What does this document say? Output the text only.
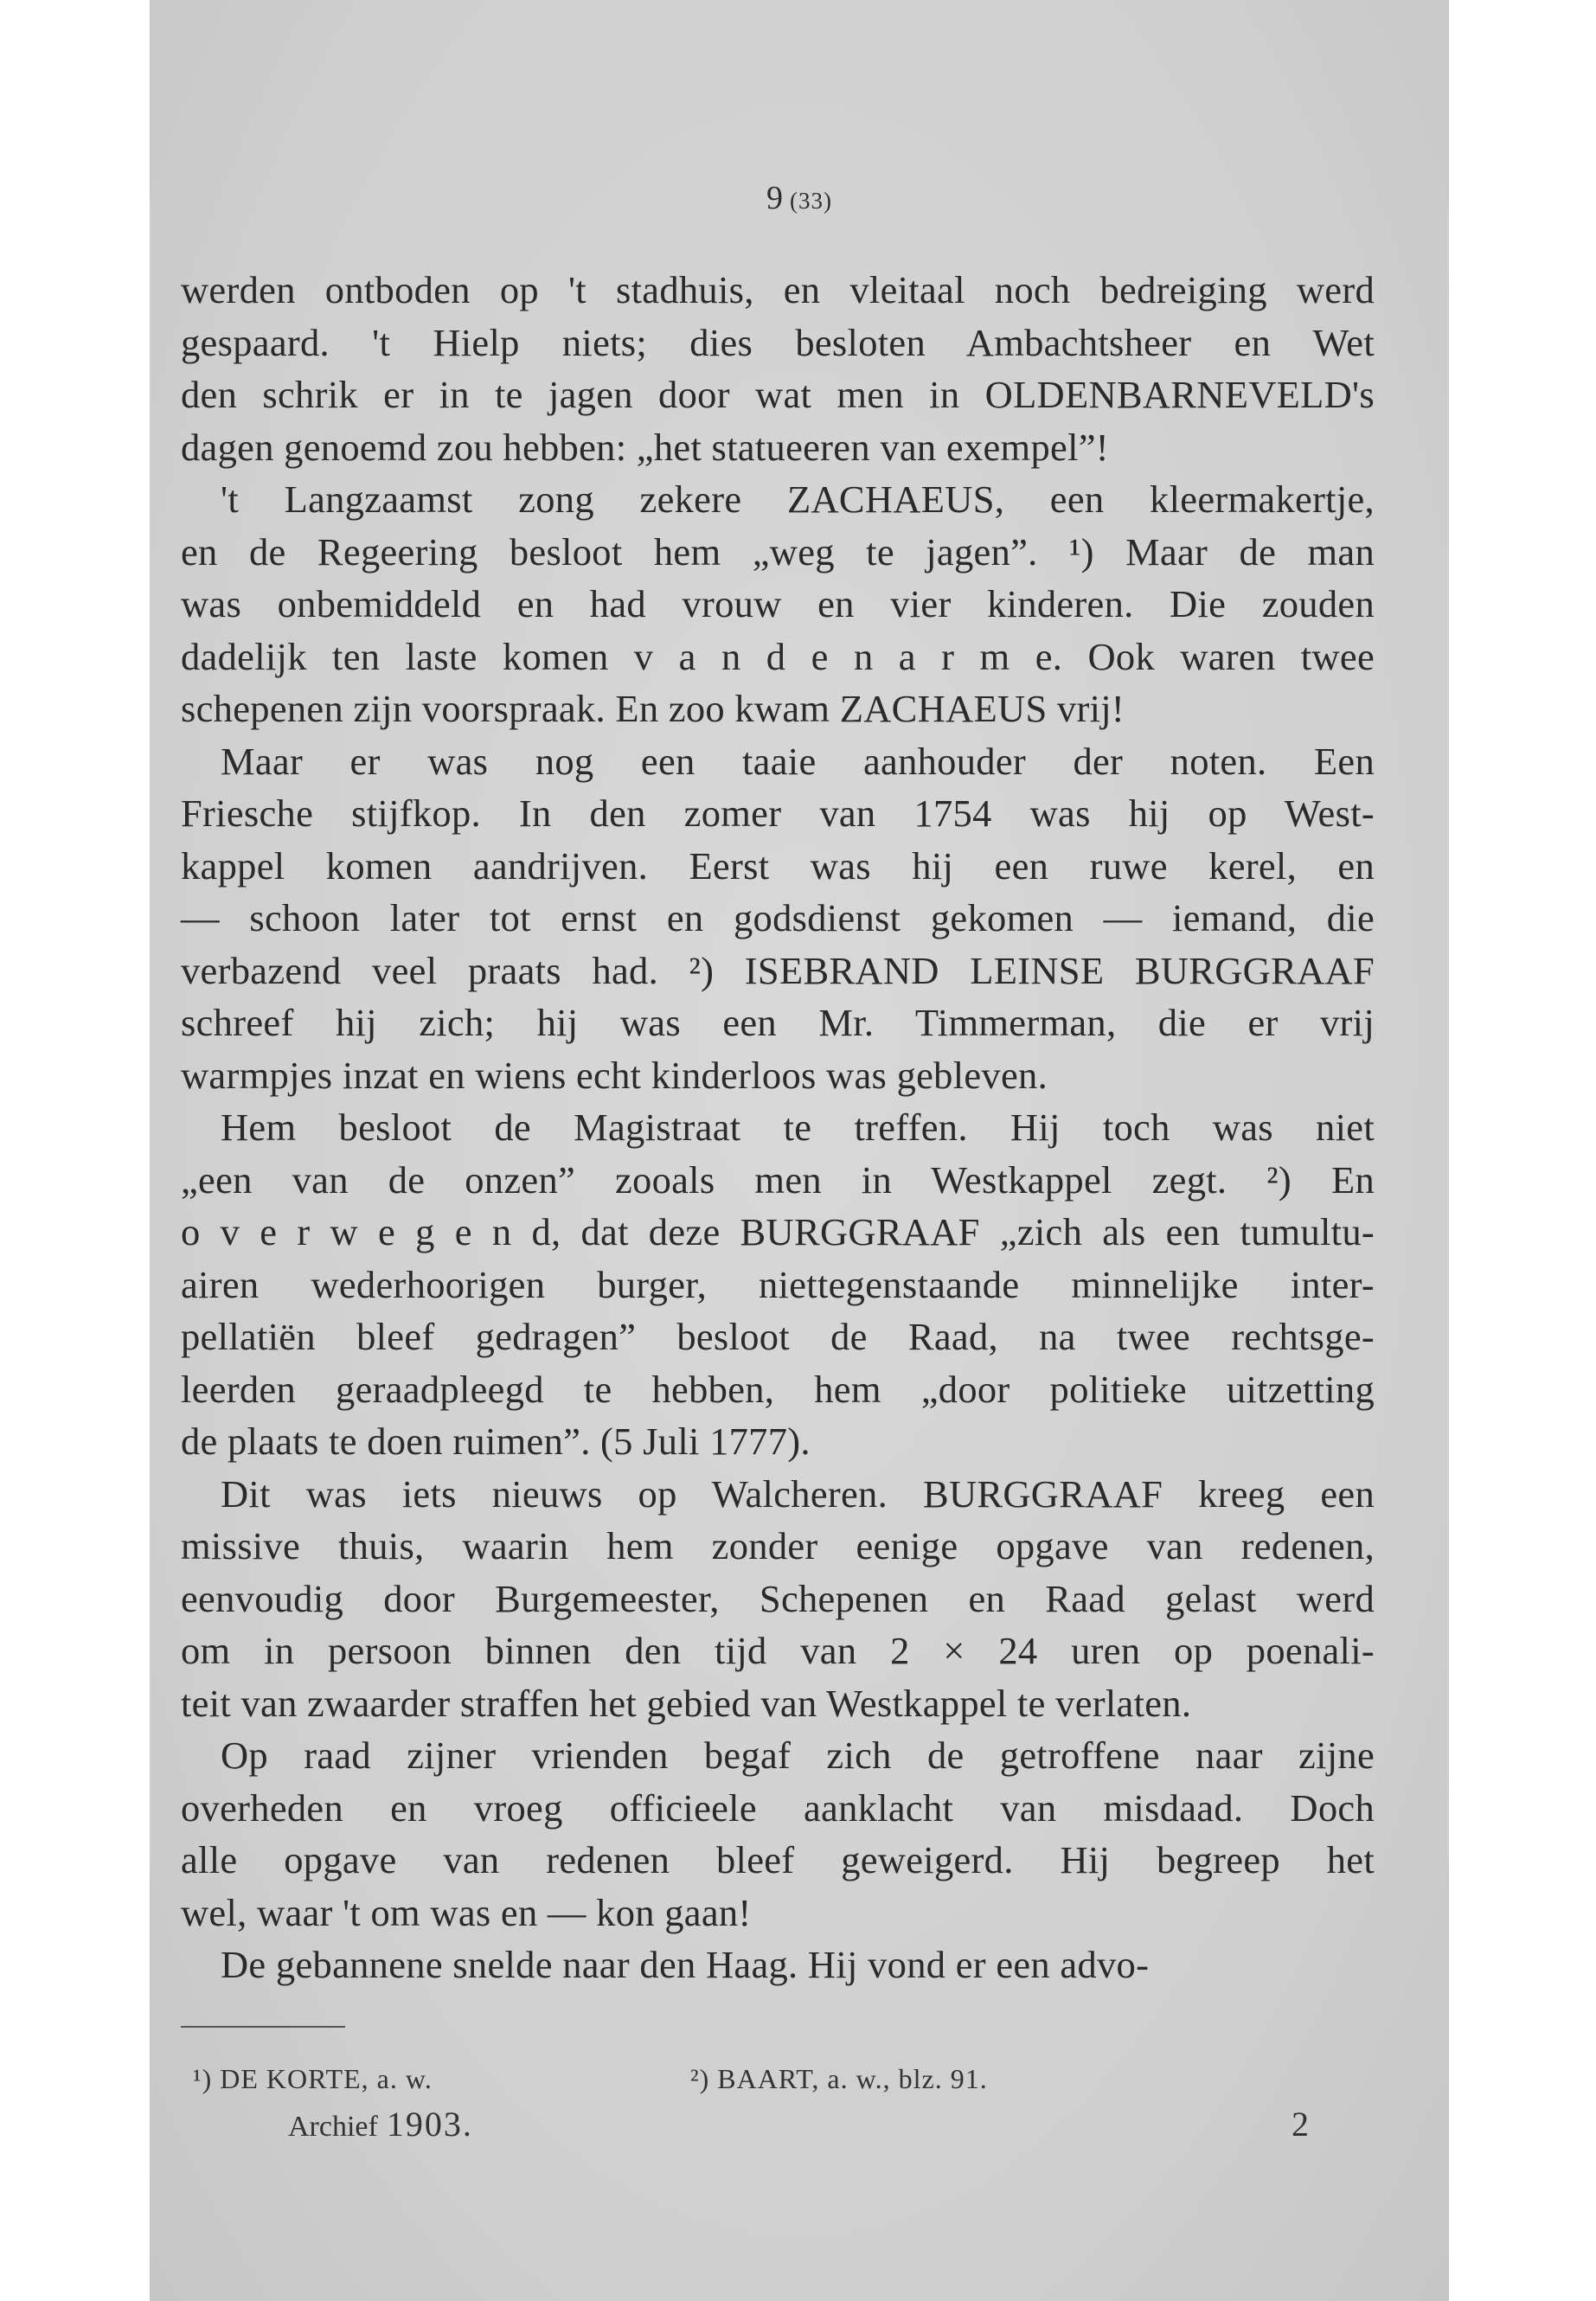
9 (33)
werden ontboden op 't stadhuis, en vleitaal noch bedreiging werd
gespaard. 't Hielp niets; dies besloten Ambachtsheer en Wet
den schrik er in te jagen door wat men in OLDENBARNEVELD's
dagen genoemd zou hebben: „het statueeren van exempel”!
't Langzaamst zong zekere ZACHAEUS, een kleermakertje,
en de Regeering besloot hem „weg te jagen”. ¹) Maar de man
was onbemiddeld en had vrouw en vier kinderen. Die zouden
dadelijk ten laste komen v a n d e n a r m e. Ook waren twee
schepenen zijn voorspraak. En zoo kwam ZACHAEUS vrij!
Maar er was nog een taaie aanhouder der noten. Een
Friesche stijfkop. In den zomer van 1754 was hij op West-
kappel komen aandrijven. Eerst was hij een ruwe kerel, en
— schoon later tot ernst en godsdienst gekomen — iemand, die
verbazend veel praats had. ²) ISEBRAND LEINSE BURGGRAAF
schreef hij zich; hij was een Mr. Timmerman, die er vrij
warmpjes inzat en wiens echt kinderloos was gebleven.
Hem besloot de Magistraat te treffen. Hij toch was niet
„een van de onzen” zooals men in Westkappel zegt. ²) En
o v e r w e g e n d, dat deze BURGGRAAF „zich als een tumultu-
airen wederhoorigen burger, niettegenstaande minnelijke inter-
pellatiën bleef gedragen” besloot de Raad, na twee rechtsge-
leerden geraadpleegd te hebben, hem „door politieke uitzetting
de plaats te doen ruimen”. (5 Juli 1777).
Dit was iets nieuws op Walcheren. BURGGRAAF kreeg een
missive thuis, waarin hem zonder eenige opgave van redenen,
eenvoudig door Burgemeester, Schepenen en Raad gelast werd
om in persoon binnen den tijd van 2 × 24 uren op poenali-
teit van zwaarder straffen het gebied van Westkappel te verlaten.
Op raad zijner vrienden begaf zich de getroffene naar zijne
overheden en vroeg officieele aanklacht van misdaad. Doch
alle opgave van redenen bleef geweigerd. Hij begreep het
wel, waar 't om was en — kon gaan!
De gebannene snelde naar den Haag. Hij vond er een advo-
¹) DE KORTE, a. w.	²) BAART, a. w., blz. 91.
Archief 1903.	2
